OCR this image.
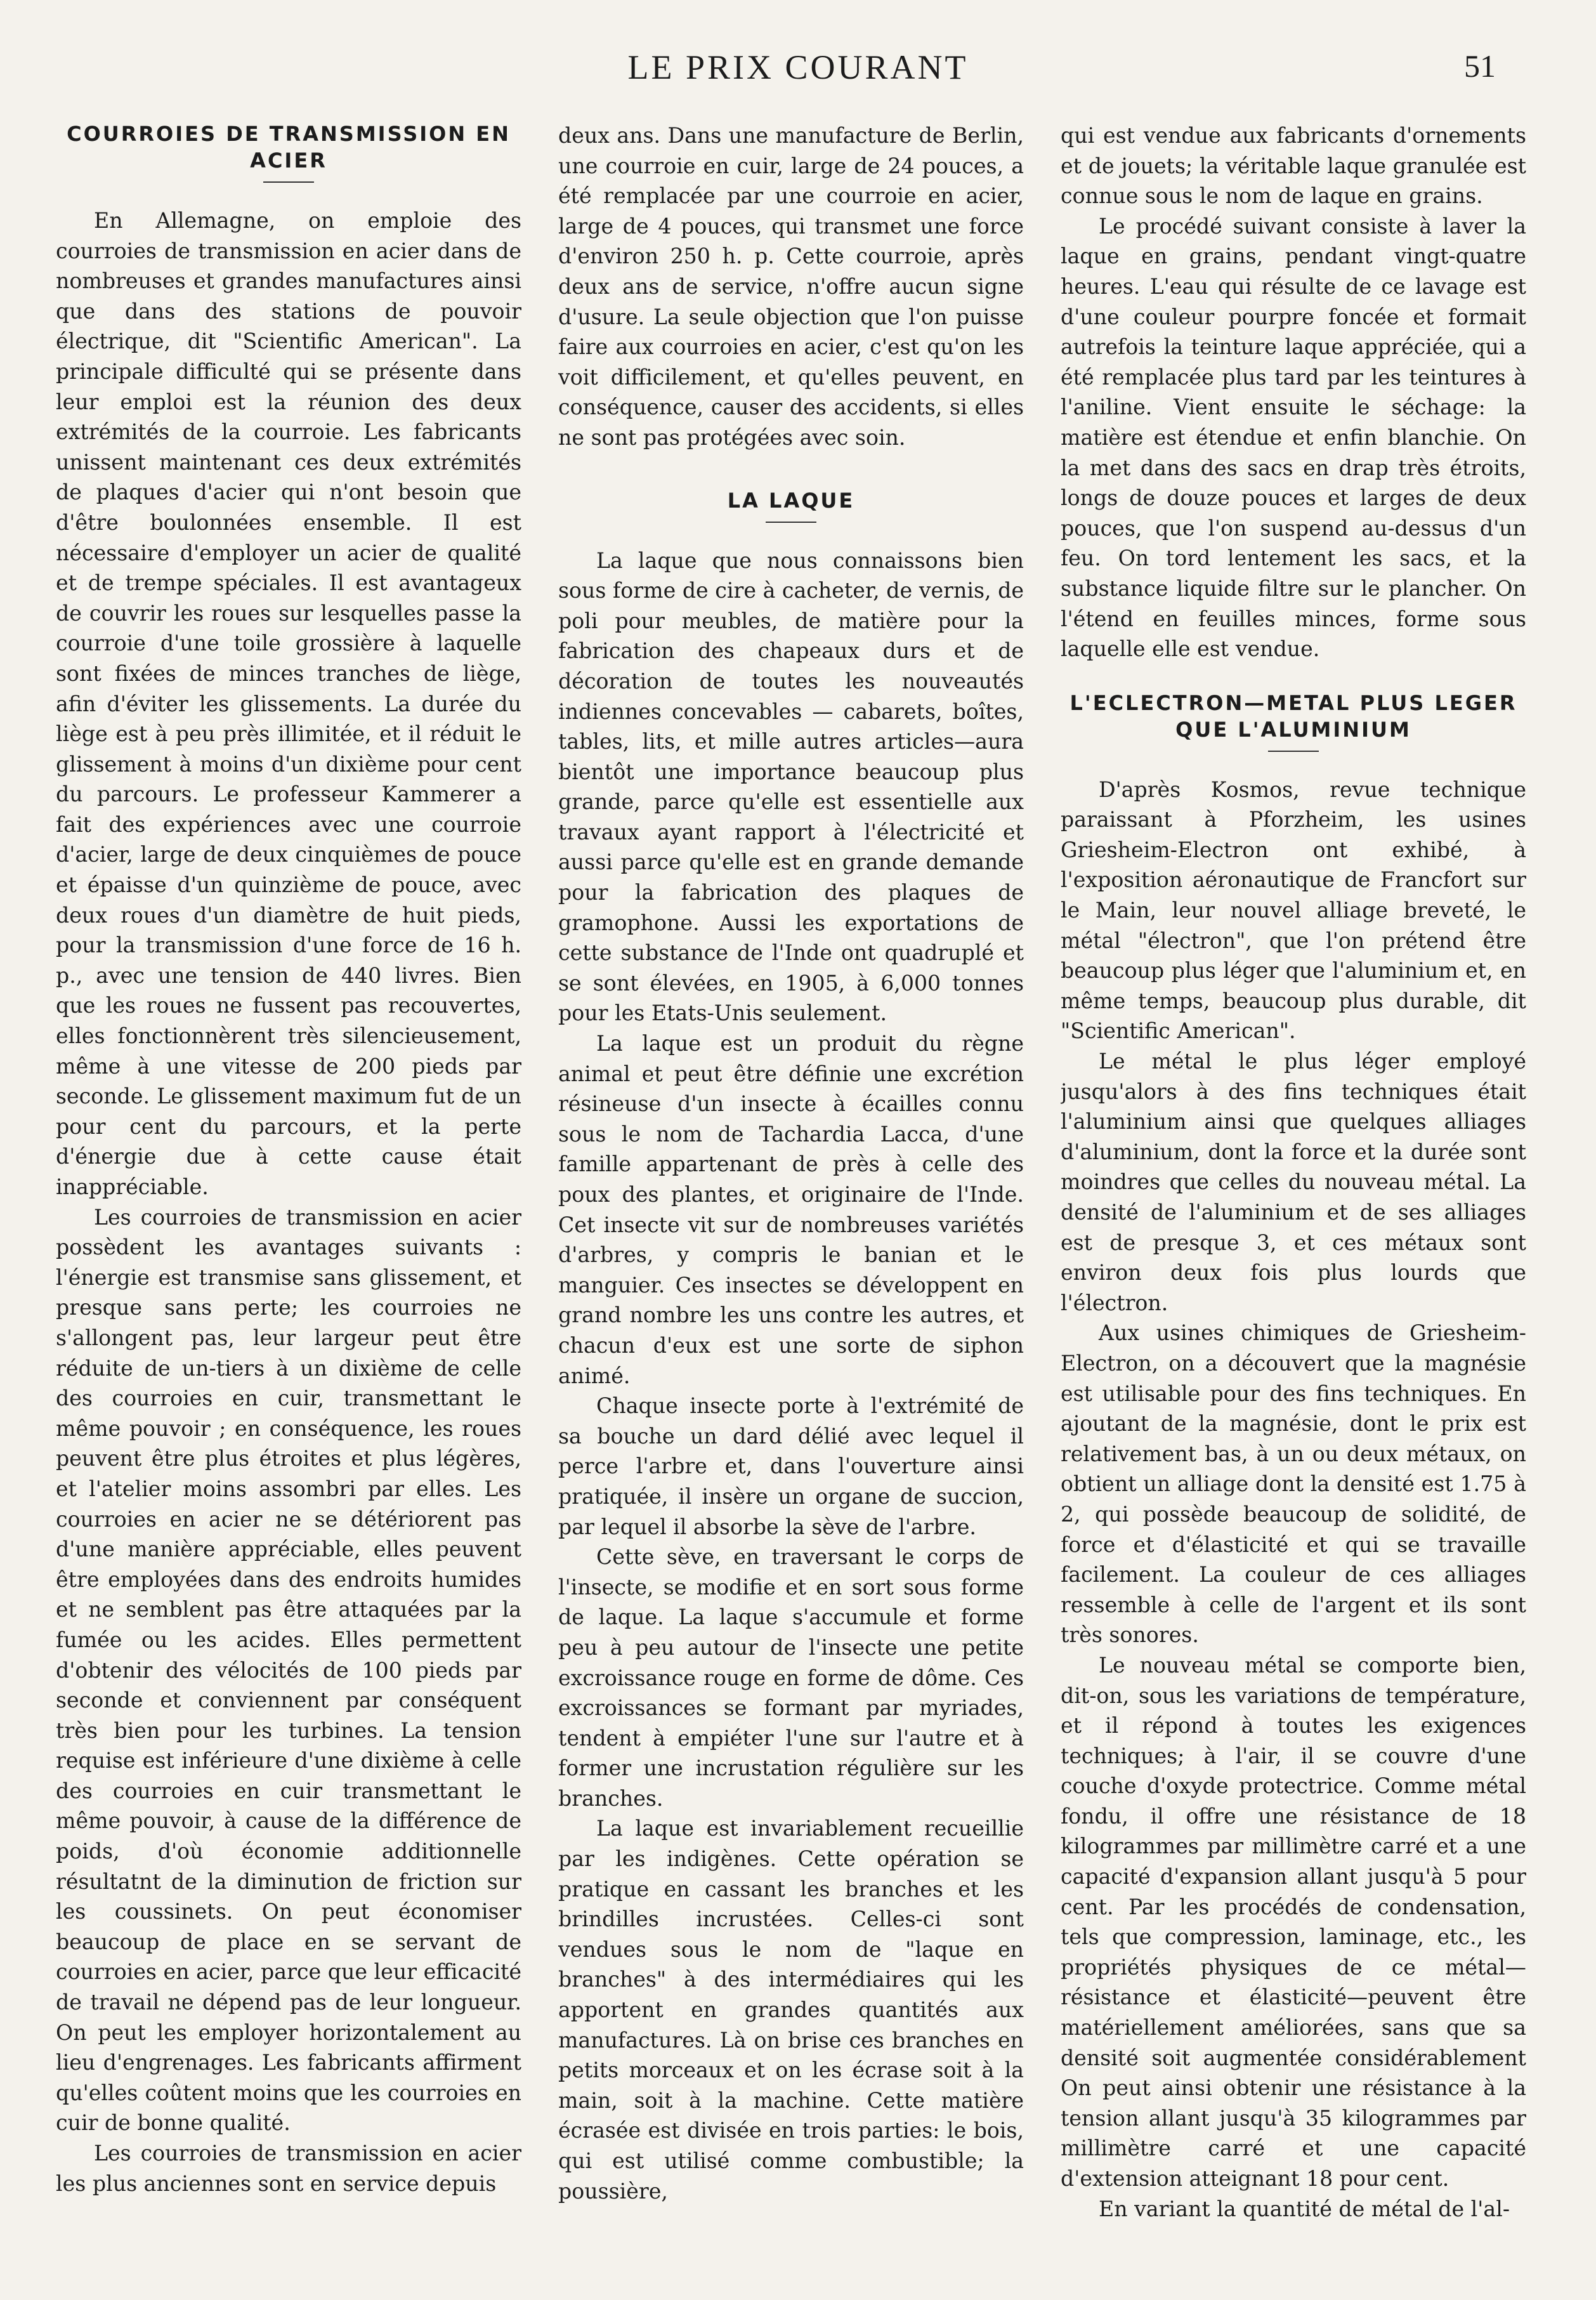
LE PRIX COURANT	51
COURROIES DE TRANSMISSION EN ACIER

En Allemagne, on emploie des courroies de transmission en acier dans de nombreuses et grandes manufactures ainsi que dans des stations de pouvoir électrique, dit "Scientific American". La principale difficulté qui se présente dans leur emploi est la réunion des deux extrémités de la courroie. Les fabricants unissent maintenant ces deux extrémités de plaques d'acier qui n'ont besoin que d'être boulonnées ensemble. Il est nécessaire d'employer un acier de qualité et de trempe spéciales. Il est avantageux de couvrir les roues sur lesquelles passe la courroie d'une toile grossière à laquelle sont fixées de minces tranches de liège, afin d'éviter les glissements. La durée du liège est à peu près illimitée, et il réduit le glissement à moins d'un dixième pour cent du parcours. Le professeur Kammerer a fait des expériences avec une courroie d'acier, large de deux cinquièmes de pouce et épaisse d'un quinzième de pouce, avec deux roues d'un diamètre de huit pieds, pour la transmission d'une force de 16 h. p., avec une tension de 440 livres. Bien que les roues ne fussent pas recouvertes, elles fonctionnèrent très silencieusement, même à une vitesse de 200 pieds par seconde. Le glissement maximum fut de un pour cent du parcours, et la perte d'énergie due à cette cause était inappréciable.

Les courroies de transmission en acier possèdent les avantages suivants : l'énergie est transmise sans glissement, et presque sans perte; les courroies ne s'allongent pas, leur largeur peut être réduite de un-tiers à un dixième de celle des courroies en cuir, transmettant le même pouvoir ; en conséquence, les roues peuvent être plus étroites et plus légères, et l'atelier moins assombri par elles. Les courroies en acier ne se détériorent pas d'une manière appréciable, elles peuvent être employées dans des endroits humides et ne semblent pas être attaquées par la fumée ou les acides. Elles permettent d'obtenir des vélocités de 100 pieds par seconde et conviennent par conséquent très bien pour les turbines. La tension requise est inférieure d'une dixième à celle des courroies en cuir transmettant le même pouvoir, à cause de la différence de poids, d'où économie additionnelle résultatnt de la diminution de friction sur les coussinets. On peut économiser beaucoup de place en se servant de courroies en acier, parce que leur efficacité de travail ne dépend pas de leur longueur. On peut les employer horizontalement au lieu d'engrenages. Les fabricants affirment qu'elles coûtent moins que les courroies en cuir de bonne qualité.

Les courroies de transmission en acier les plus anciennes sont en service depuis

deux ans. Dans une manufacture de Berlin, une courroie en cuir, large de 24 pouces, a été remplacée par une courroie en acier, large de 4 pouces, qui transmet une force d'environ 250 h. p. Cette courroie, après deux ans de service, n'offre aucun signe d'usure. La seule objection que l'on puisse faire aux courroies en acier, c'est qu'on les voit difficilement, et qu'elles peuvent, en conséquence, causer des accidents, si elles ne sont pas protégées avec soin.

LA LAQUE

La laque que nous connaissons bien sous forme de cire à cacheter, de vernis, de poli pour meubles, de matière pour la fabrication des chapeaux durs et de décoration de toutes les nouveautés indiennes concevables — cabarets, boîtes, tables, lits, et mille autres articles—aura bientôt une importance beaucoup plus grande, parce qu'elle est essentielle aux travaux ayant rapport à l'électricité et aussi parce qu'elle est en grande demande pour la fabrication des plaques de gramophone. Aussi les exportations de cette substance de l'Inde ont quadruplé et se sont élevées, en 1905, à 6,000 tonnes pour les Etats-Unis seulement.

La laque est un produit du règne animal et peut être définie une excrétion résineuse d'un insecte à écailles connu sous le nom de Tachardia Lacca, d'une famille appartenant de près à celle des poux des plantes, et originaire de l'Inde. Cet insecte vit sur de nombreuses variétés d'arbres, y compris le banian et le manguier. Ces insectes se développent en grand nombre les uns contre les autres, et chacun d'eux est une sorte de siphon animé.

Chaque insecte porte à l'extrémité de sa bouche un dard délié avec lequel il perce l'arbre et, dans l'ouverture ainsi pratiquée, il insère un organe de succion, par lequel il absorbe la sève de l'arbre.

Cette sève, en traversant le corps de l'insecte, se modifie et en sort sous forme de laque. La laque s'accumule et forme peu à peu autour de l'insecte une petite excroissance rouge en forme de dôme. Ces excroissances se formant par myriades, tendent à empiéter l'une sur l'autre et à former une incrustation régulière sur les branches.

La laque est invariablement recueillie par les indigènes. Cette opération se pratique en cassant les branches et les brindilles incrustées. Celles-ci sont vendues sous le nom de "laque en branches" à des intermédiaires qui les apportent en grandes quantités aux manufactures. Là on brise ces branches en petits morceaux et on les écrase soit à la main, soit à la machine. Cette matière écrasée est divisée en trois parties: le bois, qui est utilisé comme combustible; la poussière,

qui est vendue aux fabricants d'ornements et de jouets; la véritable laque granulée est connue sous le nom de laque en grains.

Le procédé suivant consiste à laver la laque en grains, pendant vingt-quatre heures. L'eau qui résulte de ce lavage est d'une couleur pourpre foncée et formait autrefois la teinture laque appréciée, qui a été remplacée plus tard par les teintures à l'aniline. Vient ensuite le séchage: la matière est étendue et enfin blanchie. On la met dans des sacs en drap très étroits, longs de douze pouces et larges de deux pouces, que l'on suspend au-dessus d'un feu. On tord lentement les sacs, et la substance liquide filtre sur le plancher. On l'étend en feuilles minces, forme sous laquelle elle est vendue.

L'ECLECTRON—METAL PLUS LEGER QUE L'ALUMINIUM

D'après Kosmos, revue technique paraissant à Pforzheim, les usines Griesheim-Electron ont exhibé, à l'exposition aéronautique de Francfort sur le Main, leur nouvel alliage breveté, le métal "électron", que l'on prétend être beaucoup plus léger que l'aluminium et, en même temps, beaucoup plus durable, dit "Scientific American".

Le métal le plus léger employé jusqu'alors à des fins techniques était l'aluminium ainsi que quelques alliages d'aluminium, dont la force et la durée sont moindres que celles du nouveau métal. La densité de l'aluminium et de ses alliages est de presque 3, et ces métaux sont environ deux fois plus lourds que l'électron.

Aux usines chimiques de Griesheim-Electron, on a découvert que la magnésie est utilisable pour des fins techniques. En ajoutant de la magnésie, dont le prix est relativement bas, à un ou deux métaux, on obtient un alliage dont la densité est 1.75 à 2, qui possède beaucoup de solidité, de force et d'élasticité et qui se travaille facilement. La couleur de ces alliages ressemble à celle de l'argent et ils sont très sonores.

Le nouveau métal se comporte bien, dit-on, sous les variations de température, et il répond à toutes les exigences techniques; à l'air, il se couvre d'une couche d'oxyde protectrice. Comme métal fondu, il offre une résistance de 18 kilogrammes par millimètre carré et a une capacité d'expansion allant jusqu'à 5 pour cent. Par les procédés de condensation, tels que compression, laminage, etc., les propriétés physiques de ce métal—résistance et élasticité—peuvent être matériellement améliorées, sans que sa densité soit augmentée considérablement On peut ainsi obtenir une résistance à la tension allant jusqu'à 35 kilogrammes par millimètre carré et une capacité d'extension atteignant 18 pour cent.

En variant la quantité de métal de l'al-
